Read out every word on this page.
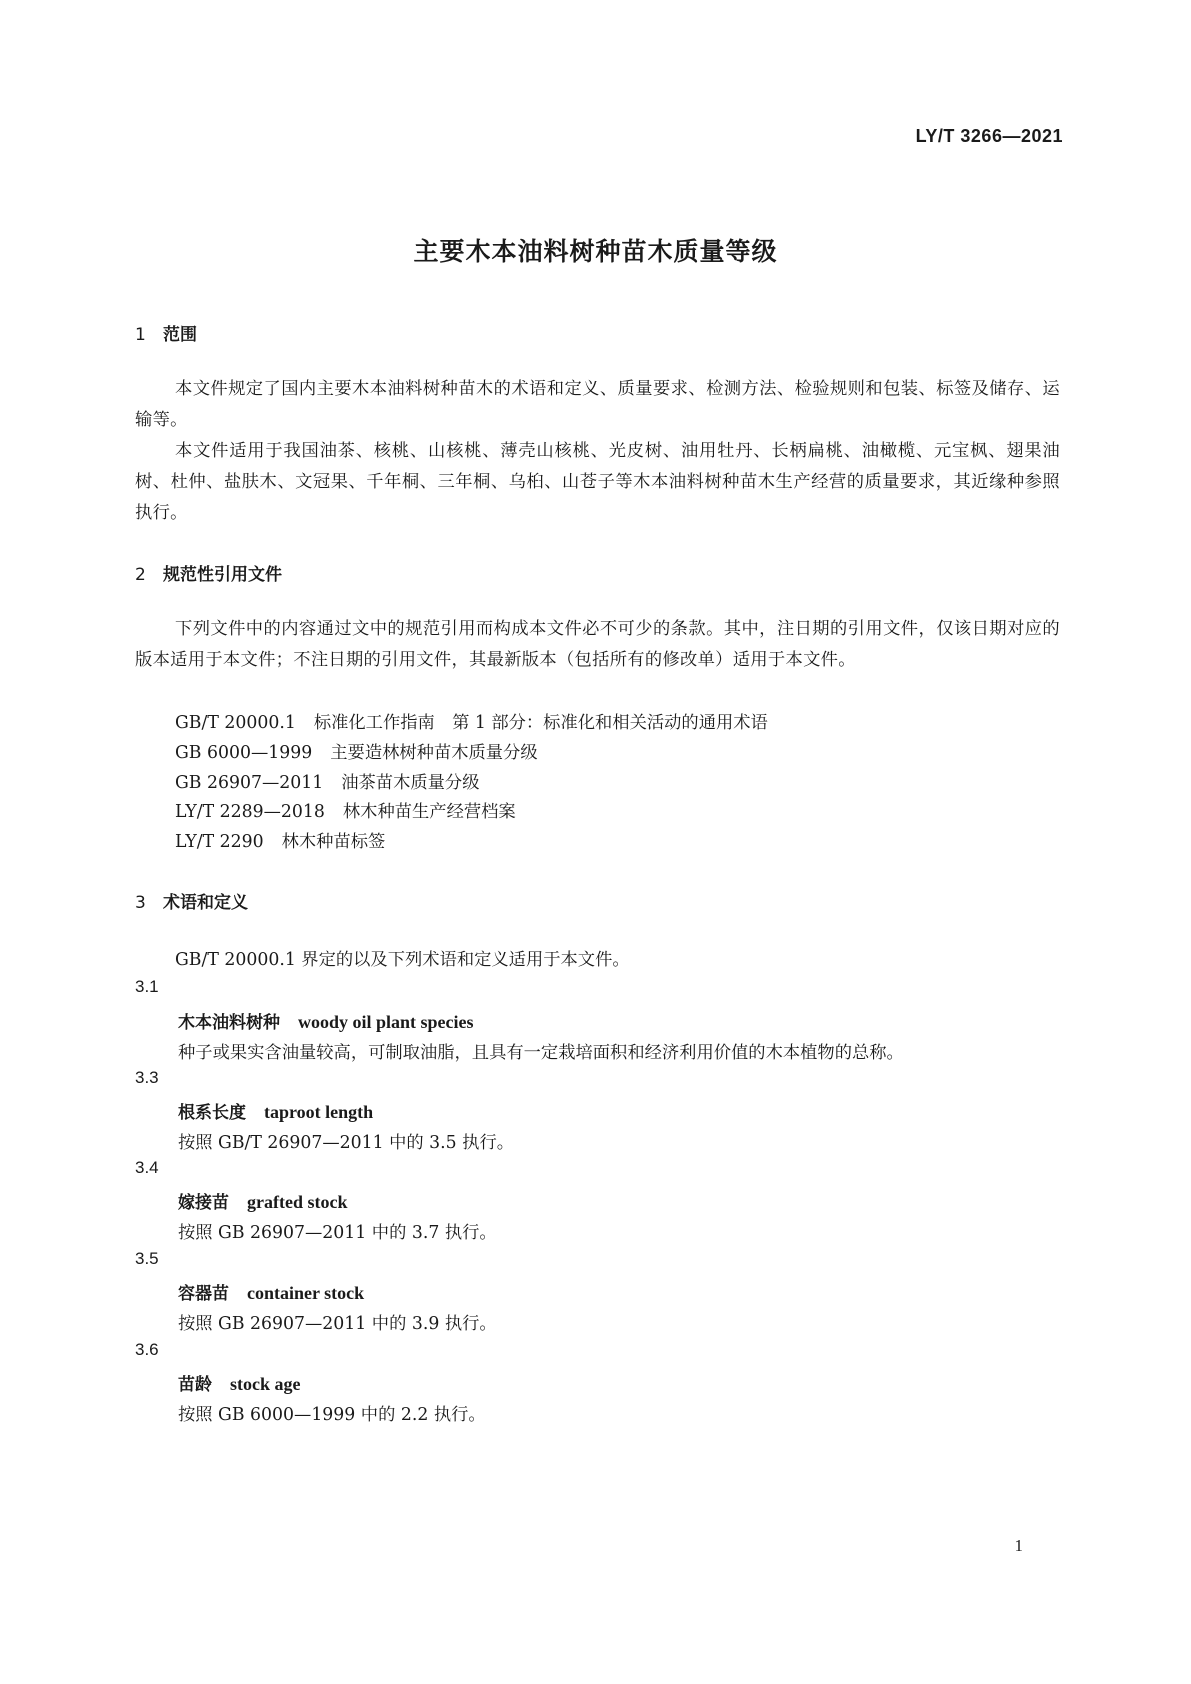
LY/T 3266—2021
主要木本油料树种苗木质量等级
1 范围
本文件规定了国内主要木本油料树种苗木的术语和定义、质量要求、检测方法、检验规则和包装、标签及储存、运输等。
本文件适用于我国油茶、核桃、山核桃、薄壳山核桃、光皮树、油用牡丹、长柄扁桃、油橄榄、元宝枫、翅果油树、杜仲、盐肤木、文冠果、千年桐、三年桐、乌桕、山苍子等木本油料树种苗木生产经营的质量要求，其近缘种参照执行。
2 规范性引用文件
下列文件中的内容通过文中的规范引用而构成本文件必不可少的条款。其中，注日期的引用文件，仅该日期对应的版本适用于本文件；不注日期的引用文件，其最新版本（包括所有的修改单）适用于本文件。
GB/T 20000.1 标准化工作指南　第 1 部分：标准化和相关活动的通用术语
GB 6000—1999 主要造林树种苗木质量分级
GB 26907—2011 油茶苗木质量分级
LY/T 2289—2018 林木种苗生产经营档案
LY/T 2290 林木种苗标签
3 术语和定义
GB/T 20000.1 界定的以及下列术语和定义适用于本文件。
3.1
木本油料树种 woody oil plant species
种子或果实含油量较高，可制取油脂，且具有一定栽培面积和经济利用价值的木本植物的总称。
3.3
根系长度 taproot length
按照 GB/T 26907—2011 中的 3.5 执行。
3.4
嫁接苗 grafted stock
按照 GB 26907—2011 中的 3.7 执行。
3.5
容器苗 container stock
按照 GB 26907—2011 中的 3.9 执行。
3.6
苗龄 stock age
按照 GB 6000—1999 中的 2.2 执行。
1
